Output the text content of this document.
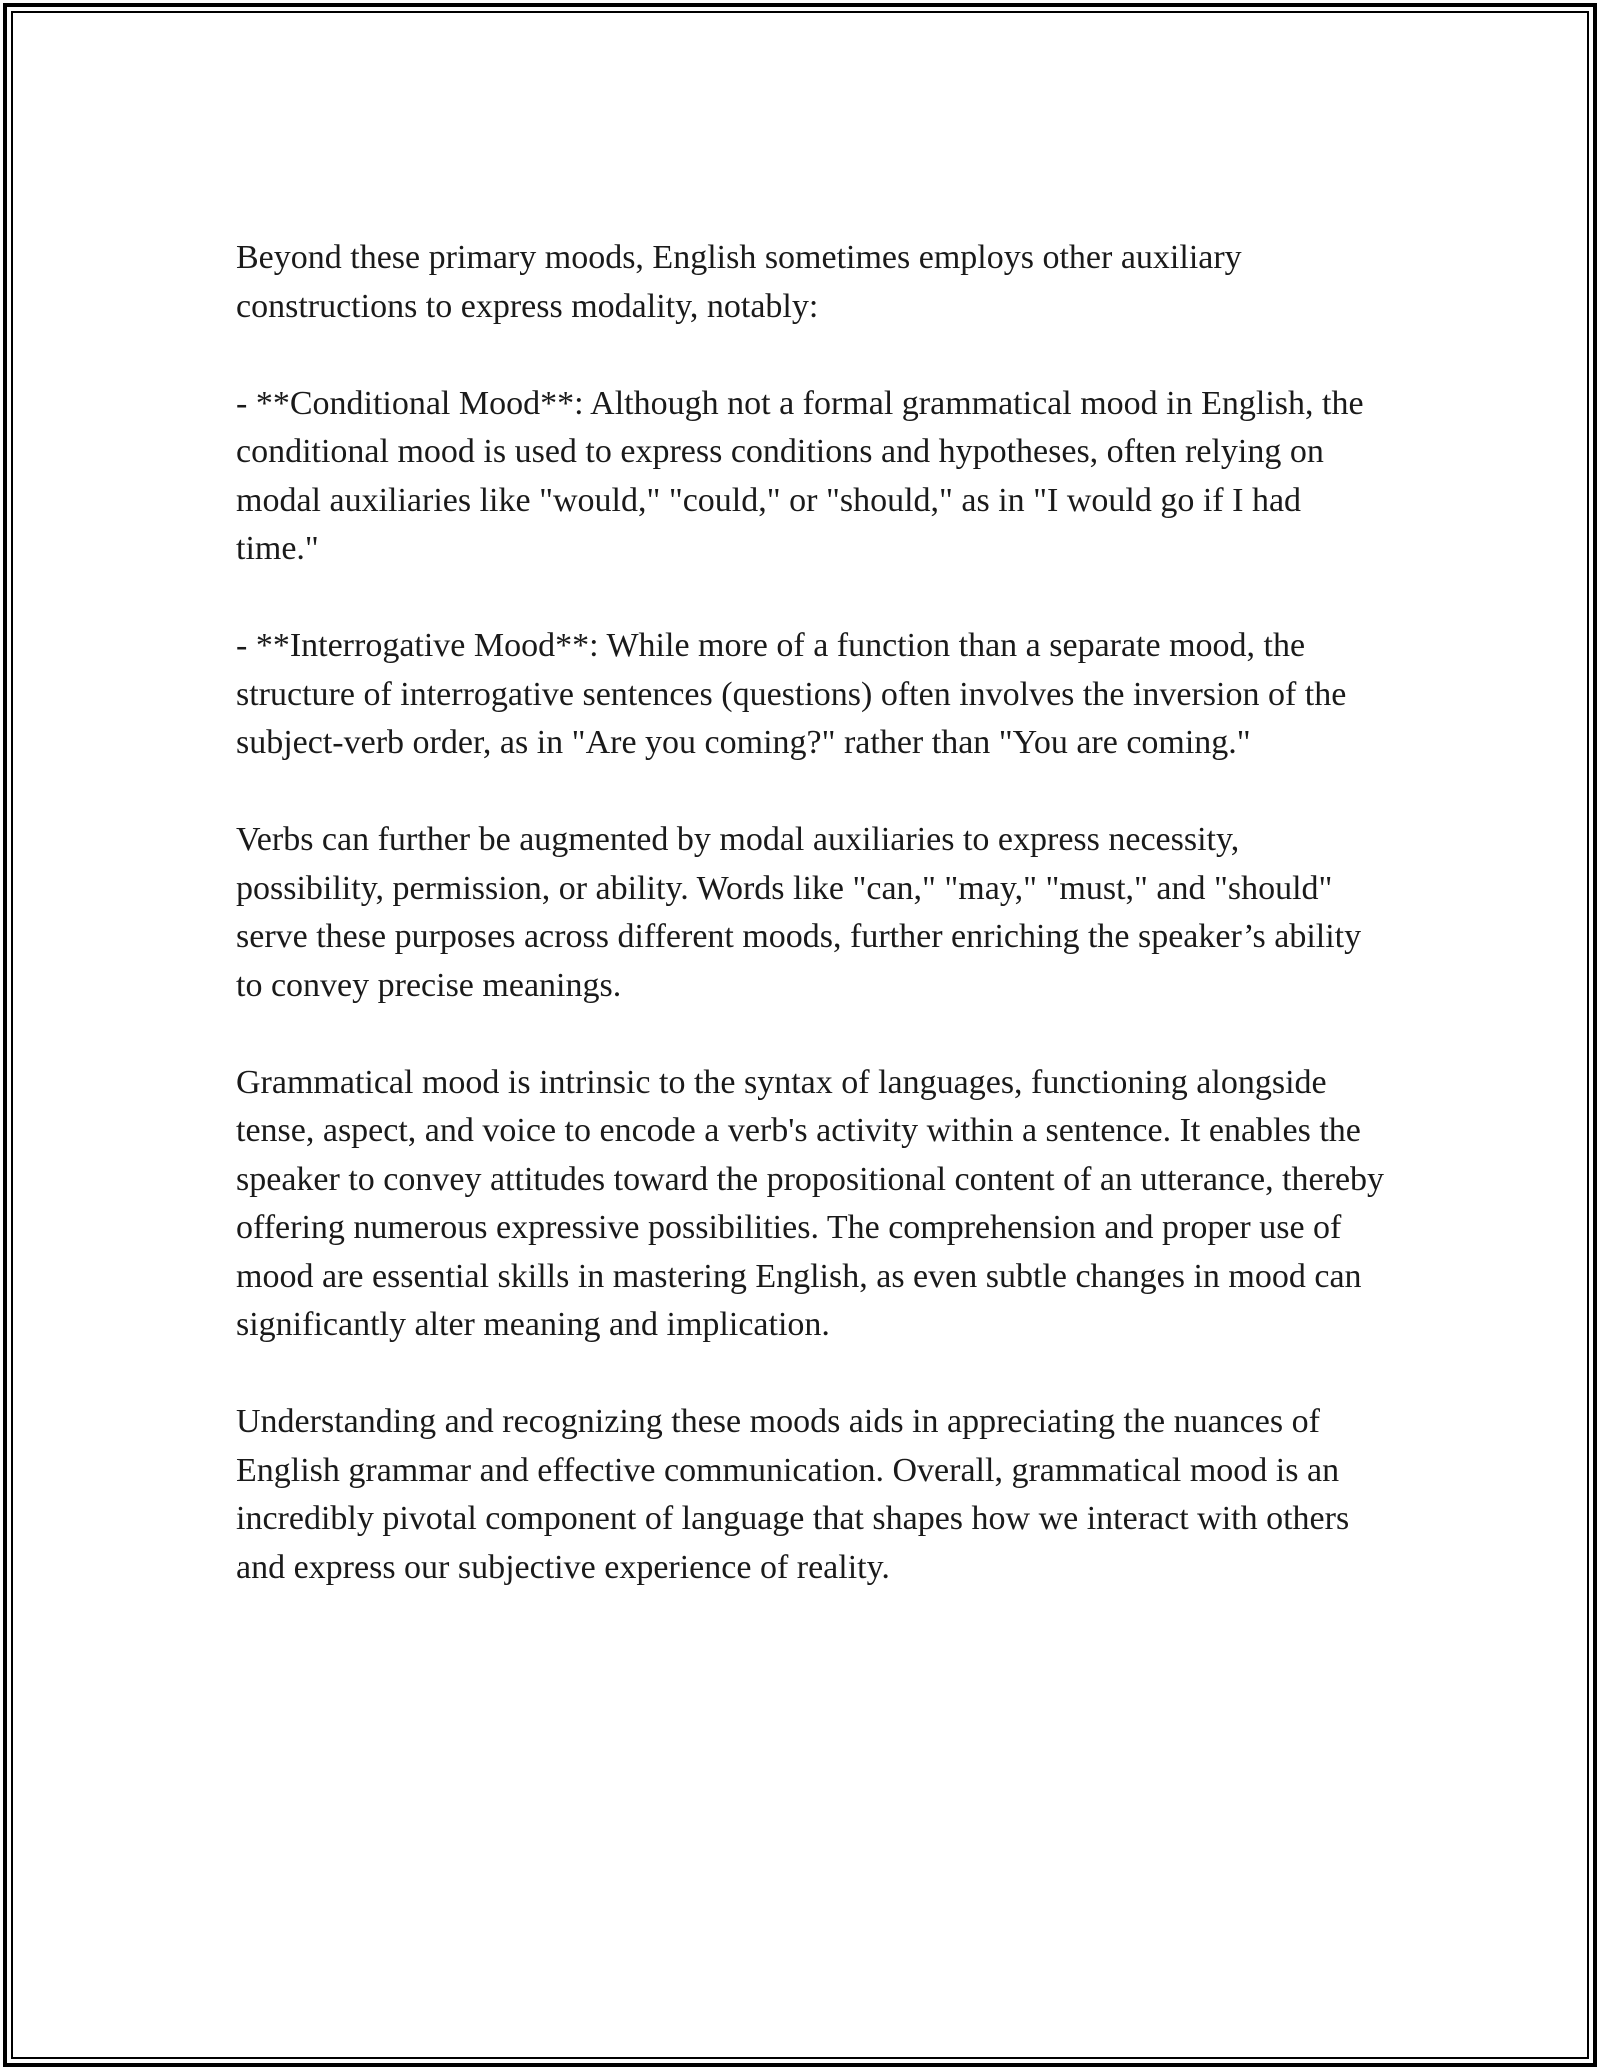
Beyond these primary moods, English sometimes employs other auxiliary constructions to express modality, notably:

- **Conditional Mood**: Although not a formal grammatical mood in English, the conditional mood is used to express conditions and hypotheses, often relying on modal auxiliaries like "would," "could," or "should," as in "I would go if I had time."

- **Interrogative Mood**: While more of a function than a separate mood, the structure of interrogative sentences (questions) often involves the inversion of the subject-verb order, as in "Are you coming?" rather than "You are coming."

Verbs can further be augmented by modal auxiliaries to express necessity, possibility, permission, or ability. Words like "can," "may," "must," and "should" serve these purposes across different moods, further enriching the speaker’s ability to convey precise meanings.

Grammatical mood is intrinsic to the syntax of languages, functioning alongside tense, aspect, and voice to encode a verb's activity within a sentence. It enables the speaker to convey attitudes toward the propositional content of an utterance, thereby offering numerous expressive possibilities. The comprehension and proper use of mood are essential skills in mastering English, as even subtle changes in mood can significantly alter meaning and implication.

Understanding and recognizing these moods aids in appreciating the nuances of English grammar and effective communication. Overall, grammatical mood is an incredibly pivotal component of language that shapes how we interact with others and express our subjective experience of reality.
